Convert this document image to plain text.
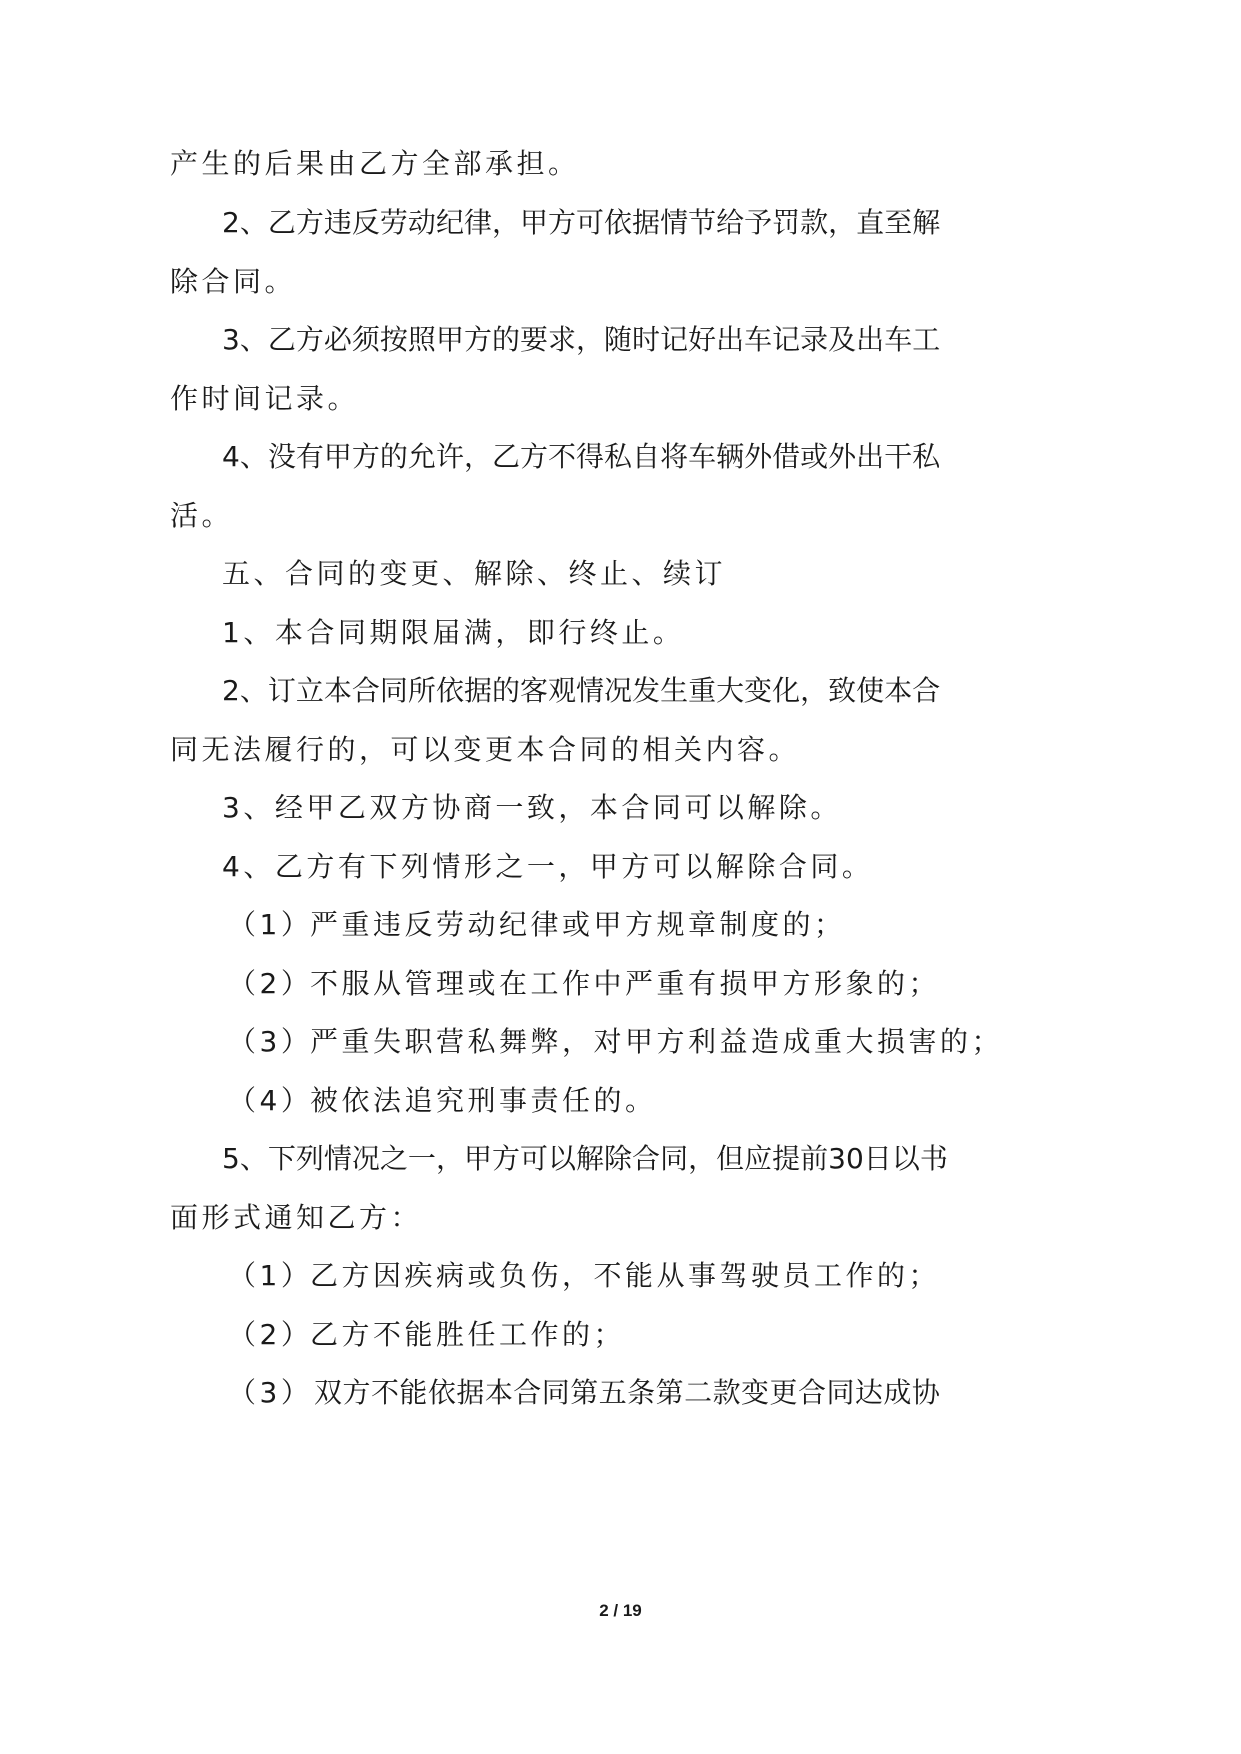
产生的后果由乙方全部承担。
2 、 乙 方 违 反 劳 动 纪 律 ， 甲 方 可 依 据 情 节 给 予 罚 款 ， 直 至 解
除合同。
3 、 乙 方 必 须 按 照 甲 方 的 要 求 ， 随 时 记 好 出 车 记 录 及 出 车 工
作时间记录。
4 、 没 有 甲 方 的 允 许 ， 乙 方 不 得 私 自 将 车 辆 外 借 或 外 出 干 私
活。
五、合同的变更、解除、终止、续订
1、本合同期限届满，即行终止。
2 、 订 立 本 合 同 所 依 据 的 客 观 情 况 发 生 重 大 变 化 ， 致 使 本 合
同无法履行的，可以变更本合同的相关内容。
3、经甲乙双方协商一致，本合同可以解除。
4、乙方有下列情形之一，甲方可以解除合同。
（1）
严重违反劳动纪律或甲方规章制度的；
（2）
不服从管理或在工作中严重有损甲方形象的；
（3）
严重失职营私舞弊，对甲方利益造成重大损害的；
（4）
被依法追究刑事责任的。
5 、 下 列 情 况 之 一 ， 甲 方 可 以 解 除 合 同 ， 但 应 提 前 30 日 以 书
面形式通知乙方：
（1）
乙方因疾病或负伤，不能从事驾驶员工作的；
（2）
乙方不能胜任工作的；
（3） 双 方 不 能 依 据 本 合 同 第 五 条 第 二 款 变 更 合 同 达 成 协
2 / 19
